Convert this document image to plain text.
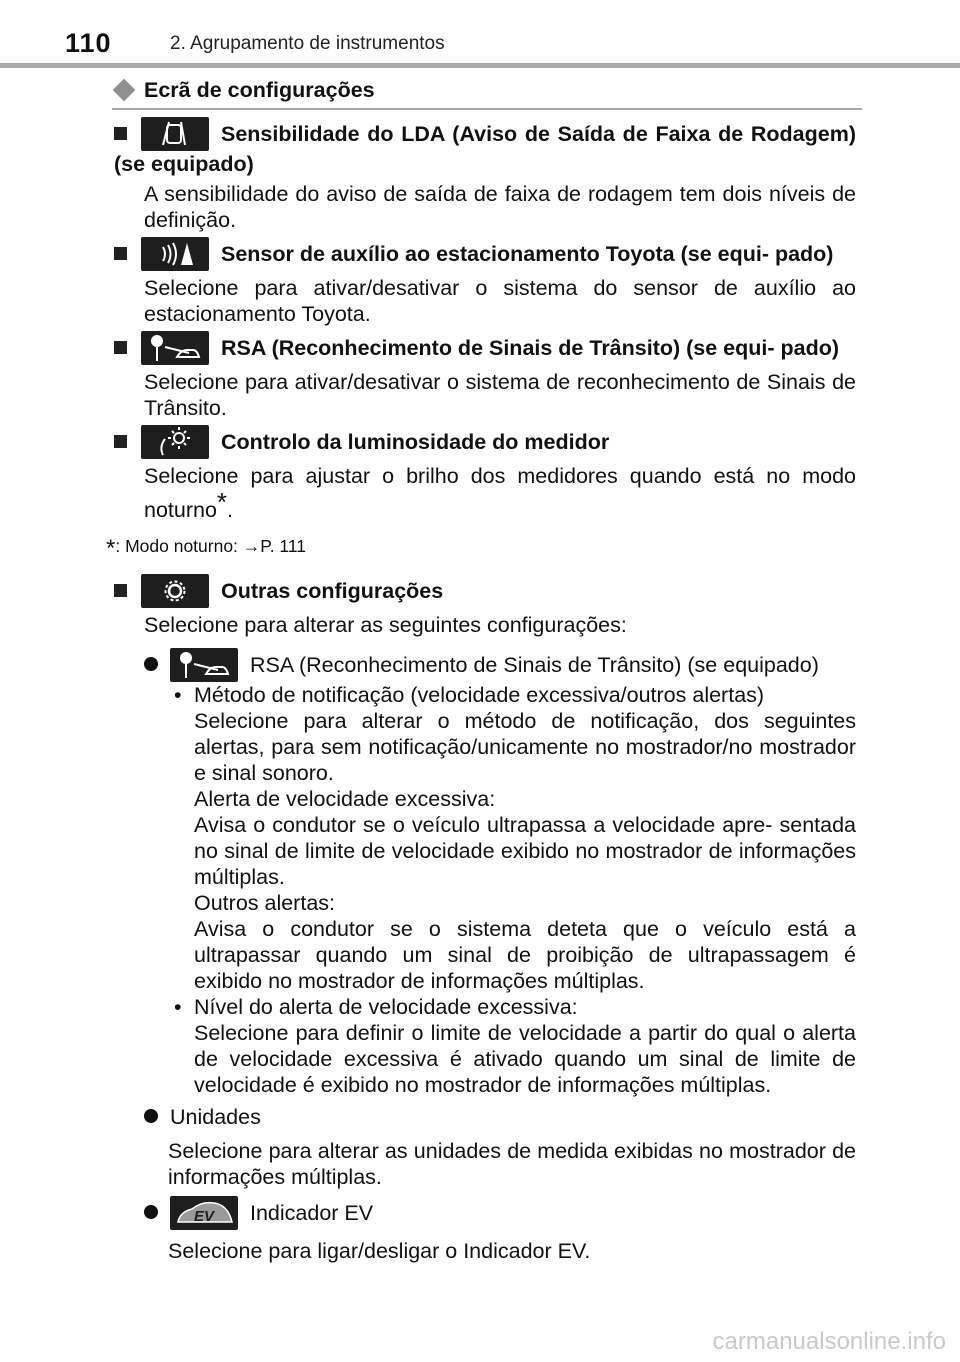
110	2. Agrupamento de instrumentos
Ecrã de configurações
Sensibilidade do LDA (Aviso de Saída de Faixa de Rodagem) (se equipado)
A sensibilidade do aviso de saída de faixa de rodagem tem dois níveis de definição.
Sensor de auxílio ao estacionamento Toyota (se equi- pado)
Selecione para ativar/desativar o sistema do sensor de auxílio ao estacionamento Toyota.
RSA (Reconhecimento de Sinais de Trânsito) (se equi- pado)
Selecione para ativar/desativar o sistema de reconhecimento de Sinais de Trânsito.
Controlo da luminosidade do medidor
Selecione para ajustar o brilho dos medidores quando está no modo noturno*.
*: Modo noturno: →P. 111
Outras configurações
Selecione para alterar as seguintes configurações:
RSA (Reconhecimento de Sinais de Trânsito) (se equipado)
• Método de notificação (velocidade excessiva/outros alertas)
Selecione para alterar o método de notificação, dos seguintes alertas, para sem notificação/unicamente no mostrador/no mostrador e sinal sonoro.
Alerta de velocidade excessiva:
Avisa o condutor se o veículo ultrapassa a velocidade apre- sentada no sinal de limite de velocidade exibido no mostrador de informações múltiplas.
Outros alertas:
Avisa o condutor se o sistema deteta que o veículo está a ultrapassar quando um sinal de proibição de ultrapassagem é exibido no mostrador de informações múltiplas.
• Nível do alerta de velocidade excessiva:
Selecione para definir o limite de velocidade a partir do qual o alerta de velocidade excessiva é ativado quando um sinal de limite de velocidade é exibido no mostrador de informações múltiplas.
Unidades
Selecione para alterar as unidades de medida exibidas no mostrador de informações múltiplas.
EV Indicador EV
Selecione para ligar/desligar o Indicador EV.
carmanualsonline.info
